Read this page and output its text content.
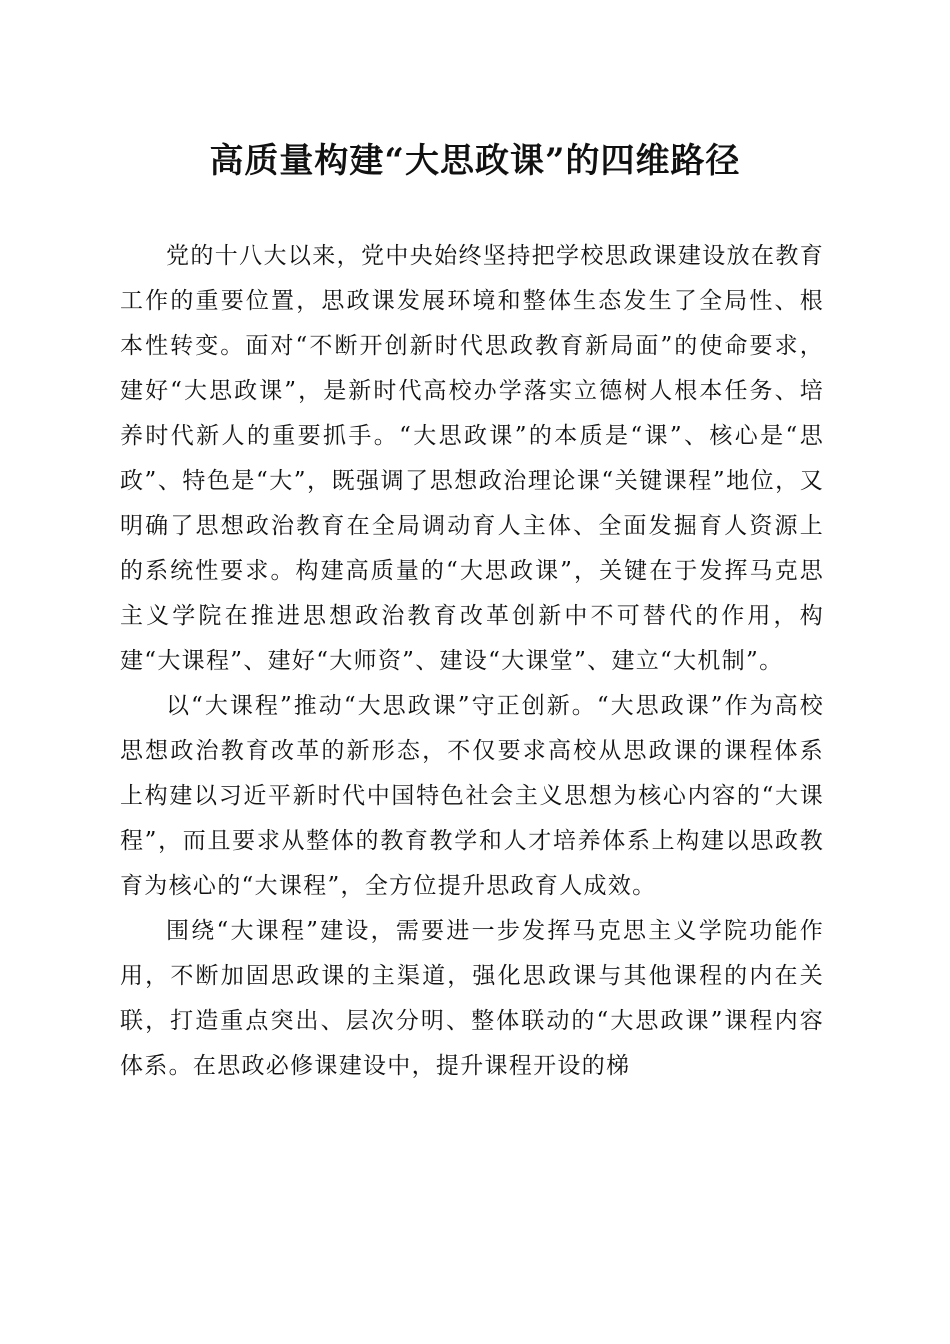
高质量构建“大思政课”的四维路径

党的十八大以来，党中央始终坚持把学校思政课建设放在教育工作的重要位置，思政课发展环境和整体生态发生了全局性、根本性转变。面对“不断开创新时代思政教育新局面”的使命要求，建好“大思政课”，是新时代高校办学落实立德树人根本任务、培养时代新人的重要抓手。“大思政课”的本质是“课”、核心是“思政”、特色是“大”，既强调了思想政治理论课“关键课程”地位，又明确了思想政治教育在全局调动育人主体、全面发掘育人资源上的系统性要求。构建高质量的“大思政课”，关键在于发挥马克思主义学院在推进思想政治教育改革创新中不可替代的作用，构建“大课程”、建好“大师资”、建设“大课堂”、建立“大机制”。

以“大课程”推动“大思政课”守正创新。“大思政课”作为高校思想政治教育改革的新形态，不仅要求高校从思政课的课程体系上构建以习近平新时代中国特色社会主义思想为核心内容的“大课程”，而且要求从整体的教育教学和人才培养体系上构建以思政教育为核心的“大课程”，全方位提升思政育人成效。

围绕“大课程”建设，需要进一步发挥马克思主义学院功能作用，不断加固思政课的主渠道，强化思政课与其他课程的内在关联，打造重点突出、层次分明、整体联动的“大思政课”课程内容体系。在思政必修课建设中，提升课程开设的梯
